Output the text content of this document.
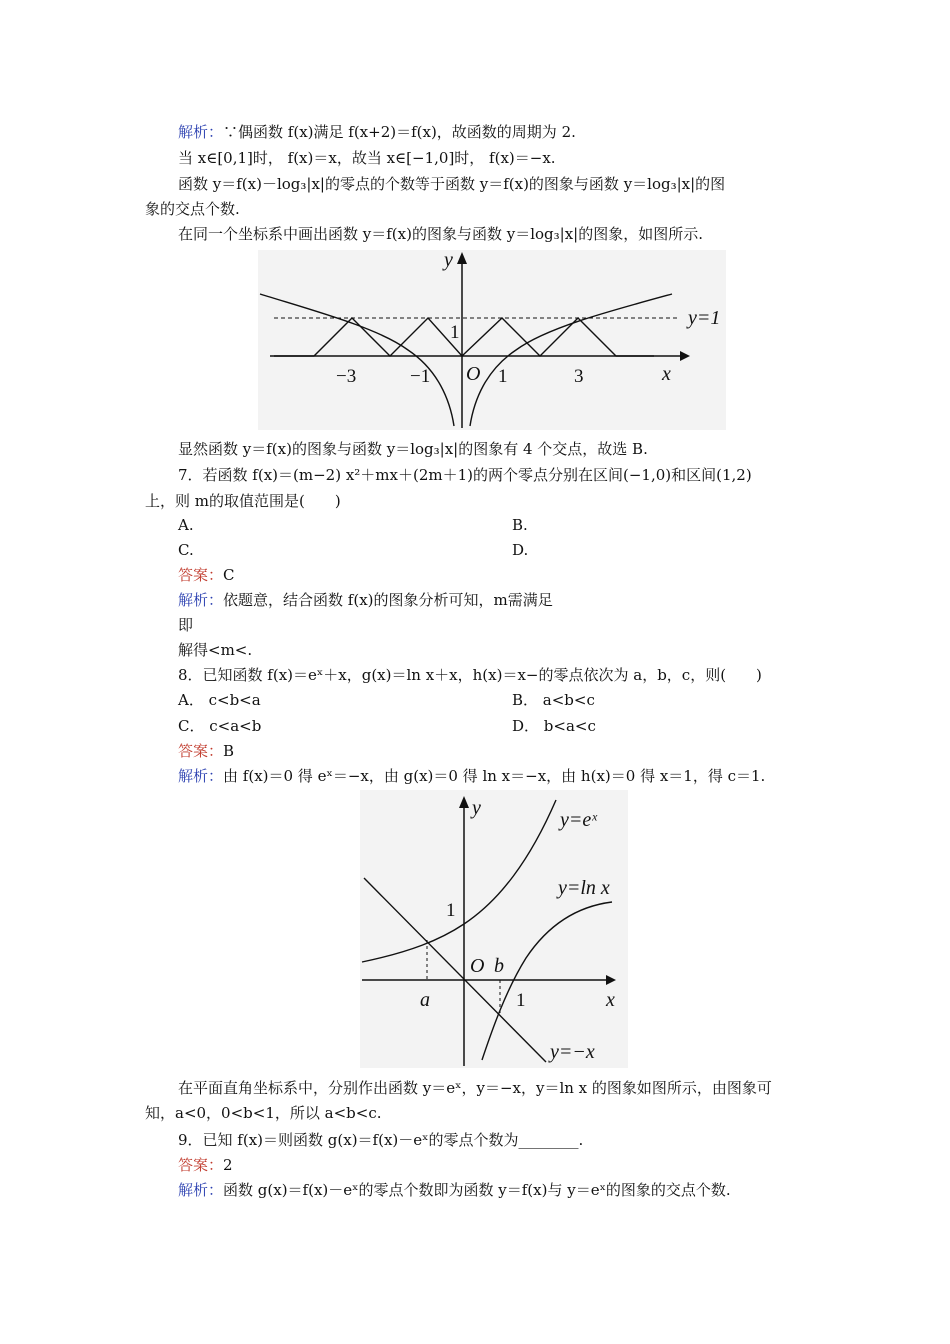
解析：∵偶函数 f(x)满足 f(x+2)＝f(x)，故函数的周期为 2.
当 x∈[0,1]时， f(x)＝x，故当 x∈[−1,0]时， f(x)＝−x.
函数 y＝f(x)－log₃|x|的零点的个数等于函数 y＝f(x)的图象与函数 y＝log₃|x|的图
象的交点个数.
在同一个坐标系中画出函数 y＝f(x)的图象与函数 y＝log₃|x|的图象，如图所示.
y
x
O
1
y=1
−3	−1	1	3
显然函数 y＝f(x)的图象与函数 y＝log₃|x|的图象有 4 个交点，故选 B.
7．若函数 f(x)＝(m−2) x²＋mx＋(2m＋1)的两个零点分别在区间(−1,0)和区间(1,2)
上，则 m的取值范围是(　　)
A.	B.
C.	D.
答案：C
解析：依题意，结合函数 f(x)的图象分析可知，m需满足
即
解得<m<.
8．已知函数 f(x)＝eˣ＋x，g(x)＝ln x＋x，h(x)＝x−的零点依次为 a，b，c，则(　　)
A． c<b<a	B． a<b<c
C． c<a<b	D． b<a<c
答案：B
解析：由 f(x)＝0 得 eˣ＝−x，由 g(x)＝0 得 ln x＝−x，由 h(x)＝0 得 x＝1，得 c＝1.
y
x
O b
a
1
1
y=eˣ
y=ln x
y=−x
在平面直角坐标系中，分别作出函数 y＝eˣ，y＝−x，y＝ln x 的图象如图所示，由图象可
知，a<0，0<b<1，所以 a<b<c.
9．已知 f(x)＝则函数 g(x)＝f(x)－eˣ的零点个数为________.
答案：2
解析：函数 g(x)＝f(x)－eˣ的零点个数即为函数 y＝f(x)与 y＝eˣ的图象的交点个数.
